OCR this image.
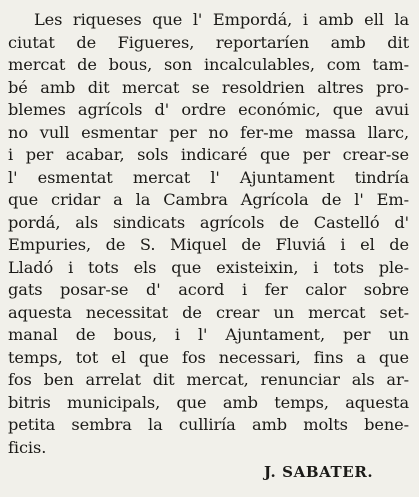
Les riqueses que l' Empordá, i amb ell la
ciutat de Figueres, reportaríen amb dit
mercat de bous, son incalculables, com tam-
bé amb dit mercat se resoldrien altres pro-
blemes agrícols d' ordre económic, que avui
no vull esmentar per no fer-me massa llarc,
i per acabar, sols indicaré que per crear-se
l' esmentat mercat l' Ajuntament tindría
que cridar a la Cambra Agrícola de l' Em-
pordá, als sindicats agrícols de Castelló d'
Empuries, de S. Miquel de Fluviá i el de
Lladó i tots els que existeixin, i tots ple-
gats posar-se d' acord i fer calor sobre
aquesta necessitat de crear un mercat set-
manal de bous, i l' Ajuntament, per un
temps, tot el que fos necessari, fins a que
fos ben arrelat dit mercat, renunciar als ar-
bitris municipals, que amb temps, aquesta
petita sembra la culliría amb molts bene-
ficis.
J. SABATER.
